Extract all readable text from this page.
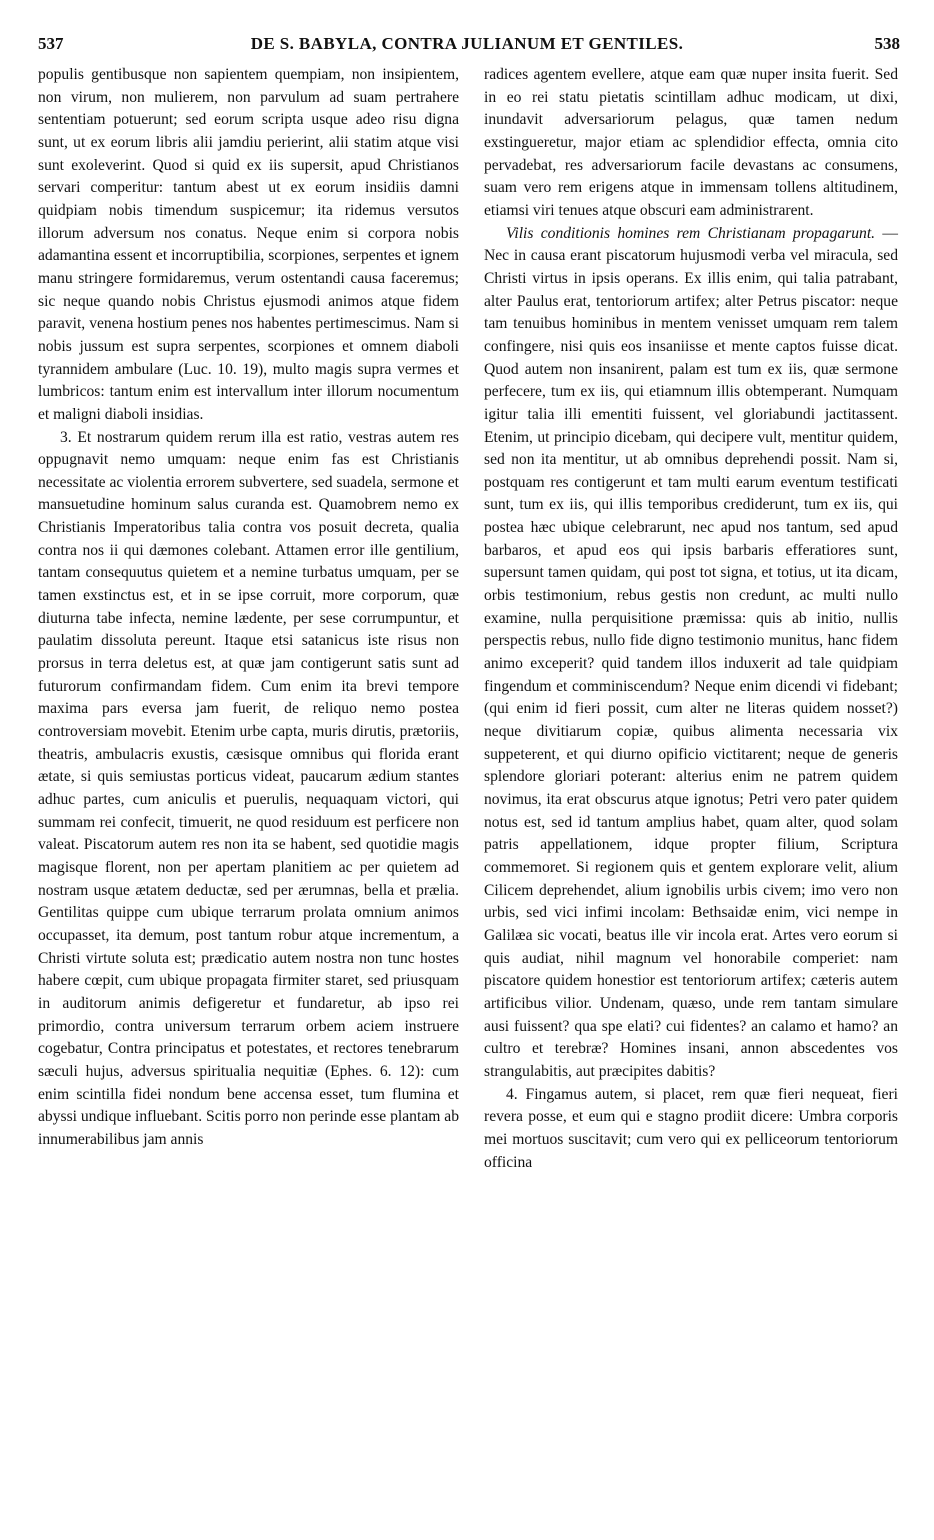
537	DE S. BABYLA, CONTRA JULIANUM ET GENTILES.	538

populis gentibusque non sapientem quempiam, non insipientem, non virum, non mulierem, non parvulum ad suam pertrahere sententiam potuerunt; sed eorum scripta usque adeo risu digna sunt, ut ex eorum libris alii jamdiu perierint, alii statim atque visi sunt exoleverint. Quod si quid ex iis supersit, apud Christianos servari comperitur: tantum abest ut ex eorum insidiis damni quidpiam nobis timendum suspicemur; ita ridemus versutos illorum adversum nos conatus. Neque enim si corpora nobis adamantina essent et incorruptibilia, scorpiones, serpentes et ignem manu stringere formidaremus, verum ostentandi causa faceremus; sic neque quando nobis Christus ejusmodi animos atque fidem paravit, venena hostium penes nos habentes pertimescimus. Nam si nobis jussum est supra serpentes, scorpiones et omnem diaboli tyrannidem ambulare (Luc. 10. 19), multo magis supra vermes et lumbricos: tantum enim est intervallum inter illorum nocumentum et maligni diaboli insidias.

3. Et nostrarum quidem rerum illa est ratio, vestras autem res oppugnavit nemo umquam: neque enim fas est Christianis necessitate ac violentia errorem subvertere, sed suadela, sermone et mansuetudine hominum salus curanda est. Quamobrem nemo ex Christianis Imperatoribus talia contra vos posuit decreta, qualia contra nos ii qui dæmones colebant. Attamen error ille gentilium, tantam consequutus quietem et a nemine turbatus umquam, per se tamen exstinctus est, et in se ipse corruit, more corporum, quæ diuturna tabe infecta, nemine lædente, per sese corrumpuntur, et paulatim dissoluta pereunt. Itaque etsi satanicus iste risus non prorsus in terra deletus est, at quæ jam contigerunt satis sunt ad futurorum confirmandam fidem. Cum enim ita brevi tempore maxima pars eversa jam fuerit, de reliquo nemo postea controversiam movebit. Etenim urbe capta, muris dirutis, prætoriis, theatris, ambulacris exustis, cæsisque omnibus qui florida erant ætate, si quis semiustas porticus videat, paucarum ædium stantes adhuc partes, cum aniculis et puerulis, nequaquam victori, qui summam rei confecit, timuerit, ne quod residuum est perficere non valeat. Piscatorum autem res non ita se habent, sed quotidie magis magisque florent, non per apertam planitiem ac per quietem ad nostram usque ætatem deductæ, sed per ærumnas, bella et prælia. Gentilitas quippe cum ubique terrarum prolata omnium animos occupasset, ita demum, post tantum robur atque incrementum, a Christi virtute soluta est; prædicatio autem nostra non tunc hostes habere cœpit, cum ubique propagata firmiter staret, sed priusquam in auditorum animis defigeretur et fundaretur, ab ipso rei primordio, contra universum terrarum orbem aciem instruere cogebatur, Contra principatus et potestates, et rectores tenebrarum sæculi hujus, adversus spiritualia nequitiæ (Ephes. 6. 12): cum enim scintilla fidei nondum bene accensa esset, tum flumina et abyssi undique influebant. Scitis porro non perinde esse plantam ab innumerabilibus jam annis

radices agentem evellere, atque eam quæ nuper insita fuerit. Sed in eo rei statu pietatis scintillam adhuc modicam, ut dixi, inundavit adversariorum pelagus, quæ tamen nedum exstingueretur, major etiam ac splendidior effecta, omnia cito pervadebat, res adversariorum facile devastans ac consumens, suam vero rem erigens atque in immensam tollens altitudinem, etiamsi viri tenues atque obscuri eam administrarent.

Vilis conditionis homines rem Christianam propagarunt. — Nec in causa erant piscatorum hujusmodi verba vel miracula, sed Christi virtus in ipsis operans. Ex illis enim, qui talia patrabant, alter Paulus erat, tentoriorum artifex; alter Petrus piscator: neque tam tenuibus hominibus in mentem venisset umquam rem talem confingere, nisi quis eos insaniisse et mente captos fuisse dicat. Quod autem non insanirent, palam est tum ex iis, quæ sermone perfecere, tum ex iis, qui etiamnum illis obtemperant. Numquam igitur talia illi ementiti fuissent, vel gloriabundi jactitassent. Etenim, ut principio dicebam, qui decipere vult, mentitur quidem, sed non ita mentitur, ut ab omnibus deprehendi possit. Nam si, postquam res contigerunt et tam multi earum eventum testificati sunt, tum ex iis, qui illis temporibus crediderunt, tum ex iis, qui postea hæc ubique celebrarunt, nec apud nos tantum, sed apud barbaros, et apud eos qui ipsis barbaris efferatiores sunt, supersunt tamen quidam, qui post tot signa, et totius, ut ita dicam, orbis testimonium, rebus gestis non credunt, ac multi nullo examine, nulla perquisitione præmissa: quis ab initio, nullis perspectis rebus, nullo fide digno testimonio munitus, hanc fidem animo exceperit? quid tandem illos induxerit ad tale quidpiam fingendum et comminiscendum? Neque enim dicendi vi fidebant; (qui enim id fieri possit, cum alter ne literas quidem nosset?) neque divitiarum copiæ, quibus alimenta necessaria vix suppeterent, et qui diurno opificio victitarent; neque de generis splendore gloriari poterant: alterius enim ne patrem quidem novimus, ita erat obscurus atque ignotus; Petri vero pater quidem notus est, sed id tantum amplius habet, quam alter, quod solam patris appellationem, idque propter filium, Scriptura commemoret. Si regionem quis et gentem explorare velit, alium Cilicem deprehendet, alium ignobilis urbis civem; imo vero non urbis, sed vici infimi incolam: Bethsaidæ enim, vici nempe in Galilæa sic vocati, beatus ille vir incola erat. Artes vero eorum si quis audiat, nihil magnum vel honorabile comperiet: nam piscatore quidem honestior est tentoriorum artifex; cæteris autem artificibus vilior. Undenam, quæso, unde rem tantam simulare ausi fuissent? qua spe elati? cui fidentes? an calamo et hamo? an cultro et terebræ? Homines insani, annon abscedentes vos strangulabitis, aut præcipites dabitis?

4. Fingamus autem, si placet, rem quæ fieri nequeat, fieri revera posse, et eum qui e stagno prodiit dicere: Umbra corporis mei mortuos suscitavit; cum vero qui ex pelliceorum tentoriorum officina
